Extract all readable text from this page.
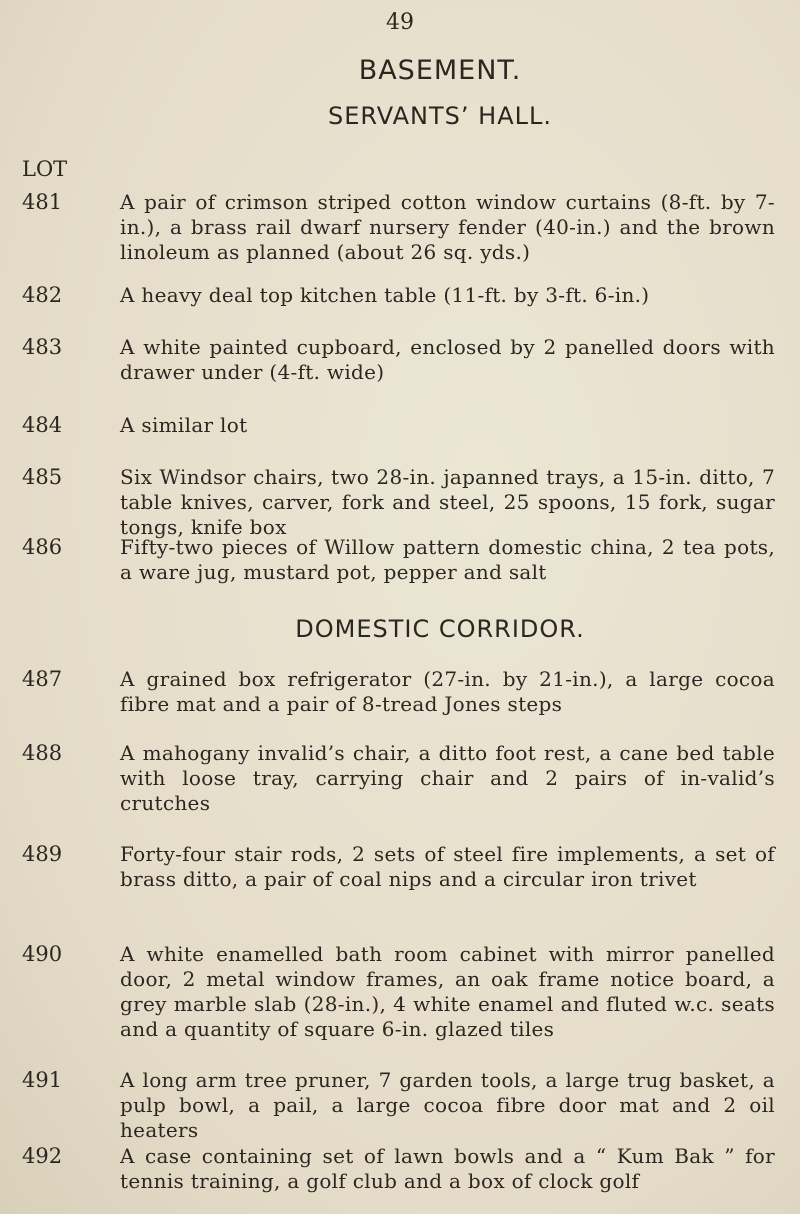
49
BASEMENT.
SERVANTS’ HALL.
LOT
481	A pair of crimson striped cotton window curtains (8-ft. by 7-in.), a brass rail dwarf nursery fender (40-in.) and the brown linoleum as planned (about 26 sq. yds.)
482	A heavy deal top kitchen table (11-ft. by 3-ft. 6-in.)
483	A white painted cupboard, enclosed by 2 panelled doors with drawer under (4-ft. wide)
484	A similar lot
485	Six Windsor chairs, two 28-in. japanned trays, a 15-in. ditto, 7 table knives, carver, fork and steel, 25 spoons, 15 fork, sugar tongs, knife box
486	Fifty-two pieces of Willow pattern domestic china, 2 tea pots, a ware jug, mustard pot, pepper and salt
DOMESTIC CORRIDOR.
487	A grained box refrigerator (27-in. by 21-in.), a large cocoa fibre mat and a pair of 8-tread Jones steps
488	A mahogany invalid’s chair, a ditto foot rest, a cane bed table with loose tray, carrying chair and 2 pairs of in-valid’s crutches
489	Forty-four stair rods, 2 sets of steel fire implements, a set of brass ditto, a pair of coal nips and a circular iron trivet
490	A white enamelled bath room cabinet with mirror panelled door, 2 metal window frames, an oak frame notice board, a grey marble slab (28-in.), 4 white enamel and fluted w.c. seats and a quantity of square 6-in. glazed tiles
491	A long arm tree pruner, 7 garden tools, a large trug basket, a pulp bowl, a pail, a large cocoa fibre door mat and 2 oil heaters
492	A case containing set of lawn bowls and a “ Kum Bak ” for tennis training, a golf club and a box of clock golf
